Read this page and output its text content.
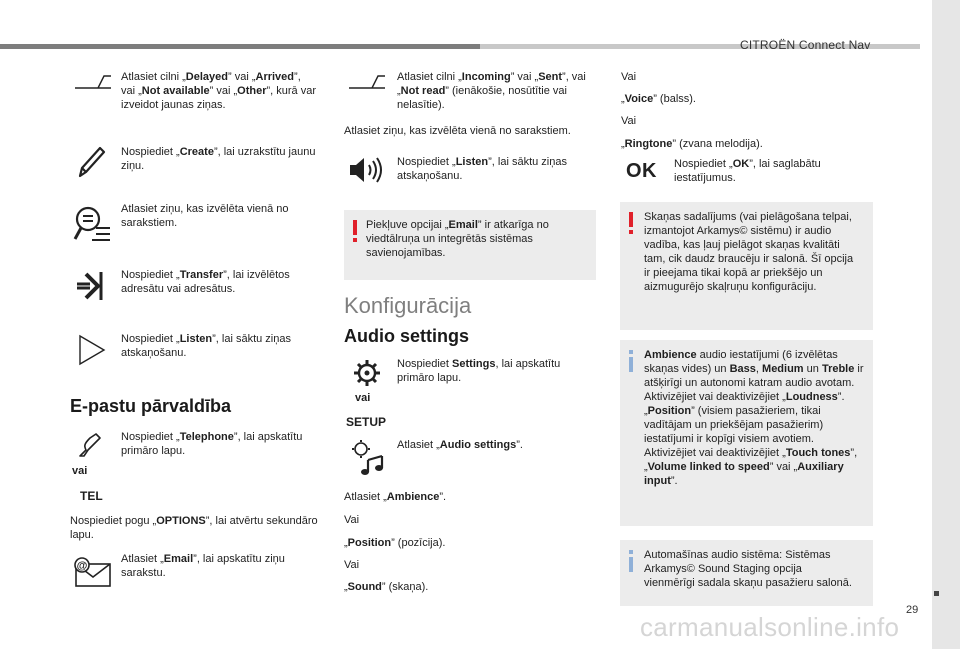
CITROËN Connect Nav
29
Atlasiet cilni „Delayed” vai „Arrived”, vai „Not available” vai „Other”, kurā var izveidot jaunas ziņas.
Nospiediet „Create”, lai uzrakstītu jaunu ziņu.
Atlasiet ziņu, kas izvēlēta vienā no sarakstiem.
Nospiediet „Transfer”, lai izvēlētos adresātu vai adresātus.
Nospiediet „Listen”, lai sāktu ziņas atskaņošanu.
E-pastu pārvaldība
vai
TEL
Nospiediet „Telephone”, lai apskatītu primāro lapu.
Nospiediet pogu „OPTIONS”, lai atvērtu sekundāro lapu.
@
Atlasiet „Email”, lai apskatītu ziņu sarakstu.
Atlasiet cilni „Incoming” vai „Sent”, vai „Not read” (ienākošie, nosūtītie vai nelasītie).
Atlasiet ziņu, kas izvēlēta vienā no sarakstiem.
Nospiediet „Listen”, lai sāktu ziņas atskaņošanu.
Piekļuve opcijai „Email” ir atkarīga no viedtālruņa un integrētās sistēmas savienojamības.
Konfigurācija
Audio settings
vai
SETUP
Nospiediet Settings, lai apskatītu primāro lapu.
Atlasiet „Audio settings”.
Atlasiet „Ambience”.
Vai
„Position” (pozīcija).
Vai
„Sound” (skaņa).
Vai
„Voice” (balss).
Vai
„Ringtone” (zvana melodija).
OK Nospiediet „OK”, lai saglabātu iestatījumus.
Skaņas sadalījums (vai pielāgošana telpai, izmantojot Arkamys© sistēmu) ir audio vadība, kas ļauj pielāgot skaņas kvalitāti tam, cik daudz braucēju ir salonā. Šī opcija ir pieejama tikai kopā ar priekšējo un aizmugurējo skaļruņu konfigurāciju.
Ambience audio iestatījumi (6 izvēlētas skaņas vides) un Bass, Medium un Treble ir atšķirīgi un autonomi katram audio avotam.
Aktivizējiet vai deaktivizējiet „Loudness”. „Position” (visiem pasažieriem, tikai vadītājam un priekšējam pasažierim) iestatījumi ir kopīgi visiem avotiem.
Aktivizējiet vai deaktivizējiet „Touch tones”, „Volume linked to speed” vai „Auxiliary input”.
Automašīnas audio sistēma: Sistēmas Arkamys© Sound Staging opcija vienmērīgi sadala skaņu pasažieru salonā.
carmanualsonline.info
